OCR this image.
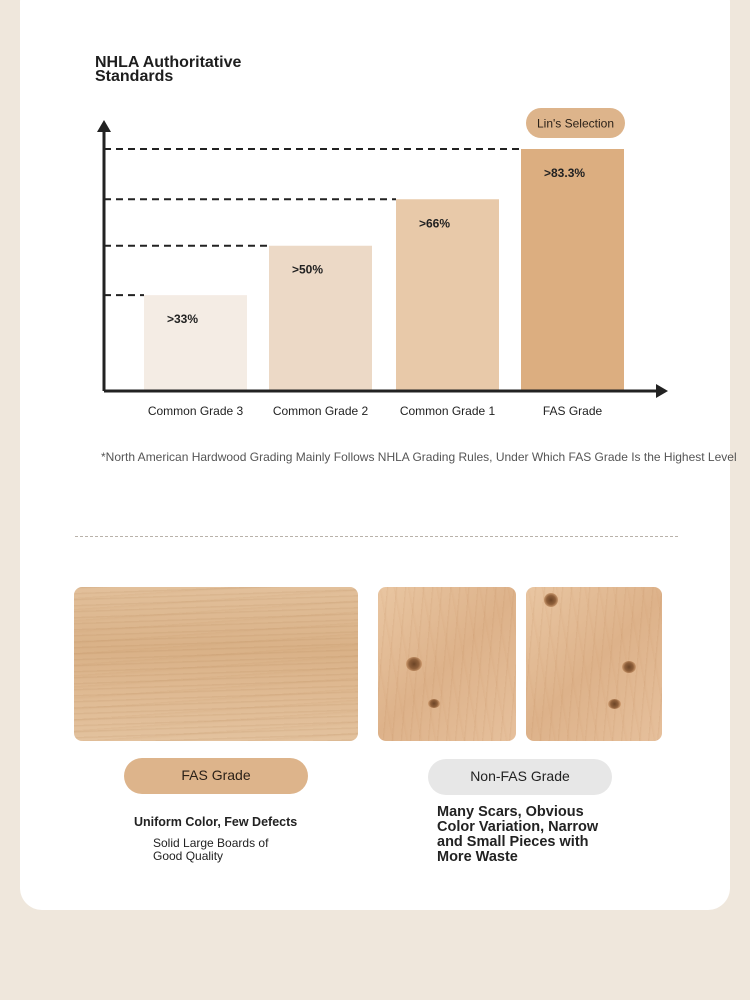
NHLA Authoritative Standards
>33%
Common Grade 3
>50%
Common Grade 2
>66%
Common Grade 1
>83.3%
FAS Grade
Lin's Selection
*North American Hardwood Grading Mainly Follows NHLA Grading Rules, Under Which FAS Grade Is the Highest Level
FAS Grade	Non-FAS Grade
Uniform Color, Few Defects
Solid Large Boards of Good Quality
Many Scars, Obvious Color Variation, Narrow and Small Pieces with More Waste
